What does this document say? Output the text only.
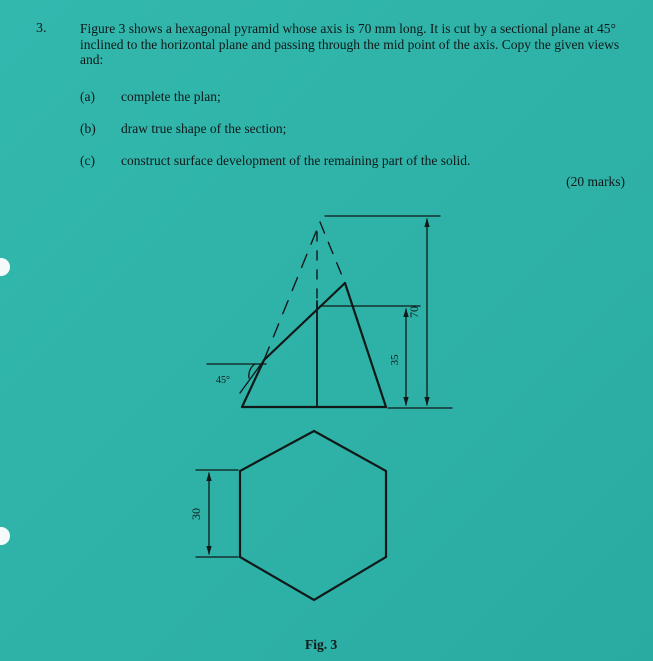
3. Figure 3 shows a hexagonal pyramid whose axis is 70 mm long. It is cut by a sectional plane at 45° inclined to the horizontal plane and passing through the mid point of the axis. Copy the given views and:
(a) complete the plan;
(b) draw true shape of the section;
(c) construct surface development of the remaining part of the solid.
(20 marks)
70
35
30
45°
Fig. 3
